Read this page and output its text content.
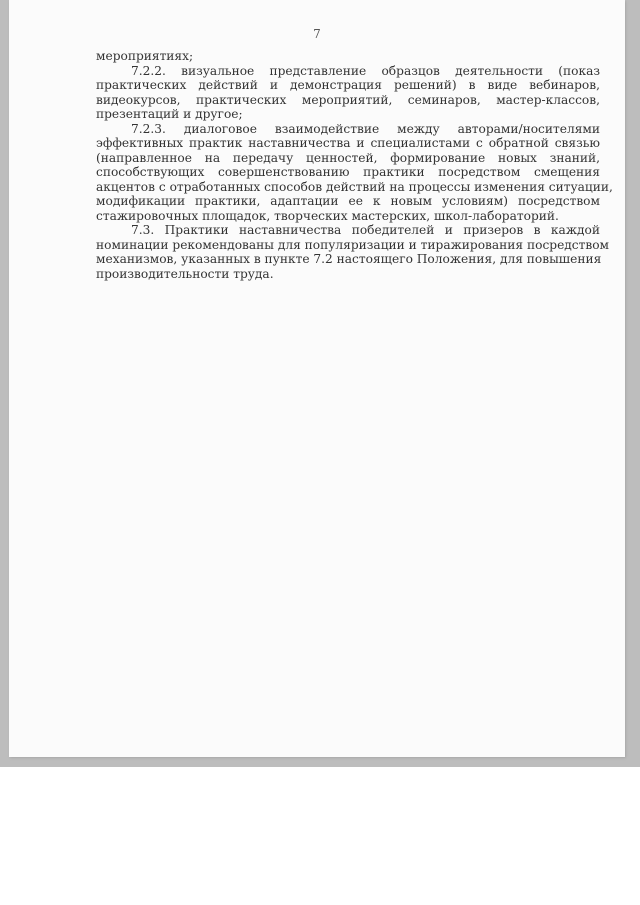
7
мероприятиях;
7.2.2. визуальное представление образцов деятельности (показ
практических действий и демонстрация решений) в виде вебинаров,
видеокурсов, практических мероприятий, семинаров, мастер-классов,
презентаций и другое;
7.2.3. диалоговое взаимодействие между авторами/носителями
эффективных практик наставничества и специалистами с обратной связью
(направленное на передачу ценностей, формирование новых знаний,
способствующих совершенствованию практики посредством смещения
акцентов с отработанных способов действий на процессы изменения ситуации,
модификации практики, адаптации ее к новым условиям) посредством
стажировочных площадок, творческих мастерских, школ-лабораторий.
7.3. Практики наставничества победителей и призеров в каждой
номинации рекомендованы для популяризации и тиражирования посредством
механизмов, указанных в пункте 7.2 настоящего Положения, для повышения
производительности труда.
